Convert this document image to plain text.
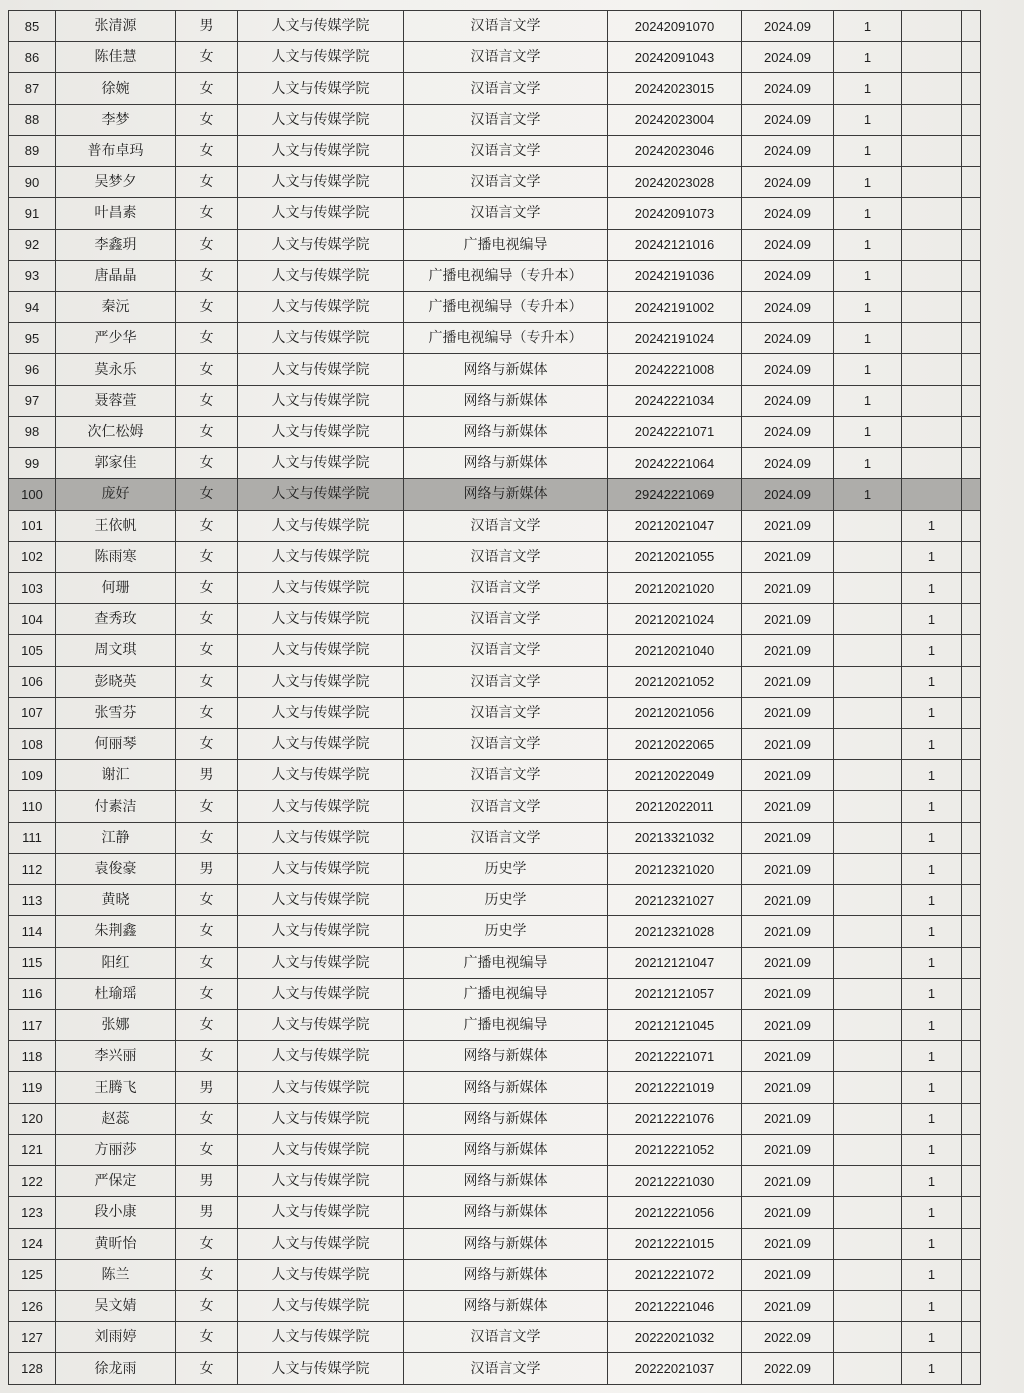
85	张清源	男	人文与传媒学院	汉语言文学	20242091070	2024.09	1		
86	陈佳慧	女	人文与传媒学院	汉语言文学	20242091043	2024.09	1		
87	徐婉	女	人文与传媒学院	汉语言文学	20242023015	2024.09	1		
88	李梦	女	人文与传媒学院	汉语言文学	20242023004	2024.09	1		
89	普布卓玛	女	人文与传媒学院	汉语言文学	20242023046	2024.09	1		
90	吴梦夕	女	人文与传媒学院	汉语言文学	20242023028	2024.09	1		
91	叶昌素	女	人文与传媒学院	汉语言文学	20242091073	2024.09	1		
92	李鑫玥	女	人文与传媒学院	广播电视编导	20242121016	2024.09	1		
93	唐晶晶	女	人文与传媒学院	广播电视编导（专升本）	20242191036	2024.09	1		
94	秦沅	女	人文与传媒学院	广播电视编导（专升本）	20242191002	2024.09	1		
95	严少华	女	人文与传媒学院	广播电视编导（专升本）	20242191024	2024.09	1		
96	莫永乐	女	人文与传媒学院	网络与新媒体	20242221008	2024.09	1		
97	聂蓉萱	女	人文与传媒学院	网络与新媒体	20242221034	2024.09	1		
98	次仁松姆	女	人文与传媒学院	网络与新媒体	20242221071	2024.09	1		
99	郭家佳	女	人文与传媒学院	网络与新媒体	20242221064	2024.09	1		
100	庞好	女	人文与传媒学院	网络与新媒体	29242221069	2024.09	1		
101	王依帆	女	人文与传媒学院	汉语言文学	20212021047	2021.09		1	
102	陈雨寒	女	人文与传媒学院	汉语言文学	20212021055	2021.09		1	
103	何珊	女	人文与传媒学院	汉语言文学	20212021020	2021.09		1	
104	查秀玫	女	人文与传媒学院	汉语言文学	20212021024	2021.09		1	
105	周文琪	女	人文与传媒学院	汉语言文学	20212021040	2021.09		1	
106	彭晓英	女	人文与传媒学院	汉语言文学	20212021052	2021.09		1	
107	张雪芬	女	人文与传媒学院	汉语言文学	20212021056	2021.09		1	
108	何丽琴	女	人文与传媒学院	汉语言文学	20212022065	2021.09		1	
109	谢汇	男	人文与传媒学院	汉语言文学	20212022049	2021.09		1	
110	付素洁	女	人文与传媒学院	汉语言文学	20212022011	2021.09		1	
111	江静	女	人文与传媒学院	汉语言文学	20213321032	2021.09		1	
112	袁俊豪	男	人文与传媒学院	历史学	20212321020	2021.09		1	
113	黄晓	女	人文与传媒学院	历史学	20212321027	2021.09		1	
114	朱荆鑫	女	人文与传媒学院	历史学	20212321028	2021.09		1	
115	阳红	女	人文与传媒学院	广播电视编导	20212121047	2021.09		1	
116	杜瑜瑶	女	人文与传媒学院	广播电视编导	20212121057	2021.09		1	
117	张娜	女	人文与传媒学院	广播电视编导	20212121045	2021.09		1	
118	李兴丽	女	人文与传媒学院	网络与新媒体	20212221071	2021.09		1	
119	王腾飞	男	人文与传媒学院	网络与新媒体	20212221019	2021.09		1	
120	赵蕊	女	人文与传媒学院	网络与新媒体	20212221076	2021.09		1	
121	方丽莎	女	人文与传媒学院	网络与新媒体	20212221052	2021.09		1	
122	严保定	男	人文与传媒学院	网络与新媒体	20212221030	2021.09		1	
123	段小康	男	人文与传媒学院	网络与新媒体	20212221056	2021.09		1	
124	黄昕怡	女	人文与传媒学院	网络与新媒体	20212221015	2021.09		1	
125	陈兰	女	人文与传媒学院	网络与新媒体	20212221072	2021.09		1	
126	吴文婧	女	人文与传媒学院	网络与新媒体	20212221046	2021.09		1	
127	刘雨婷	女	人文与传媒学院	汉语言文学	20222021032	2022.09		1	
128	徐龙雨	女	人文与传媒学院	汉语言文学	20222021037	2022.09		1	
